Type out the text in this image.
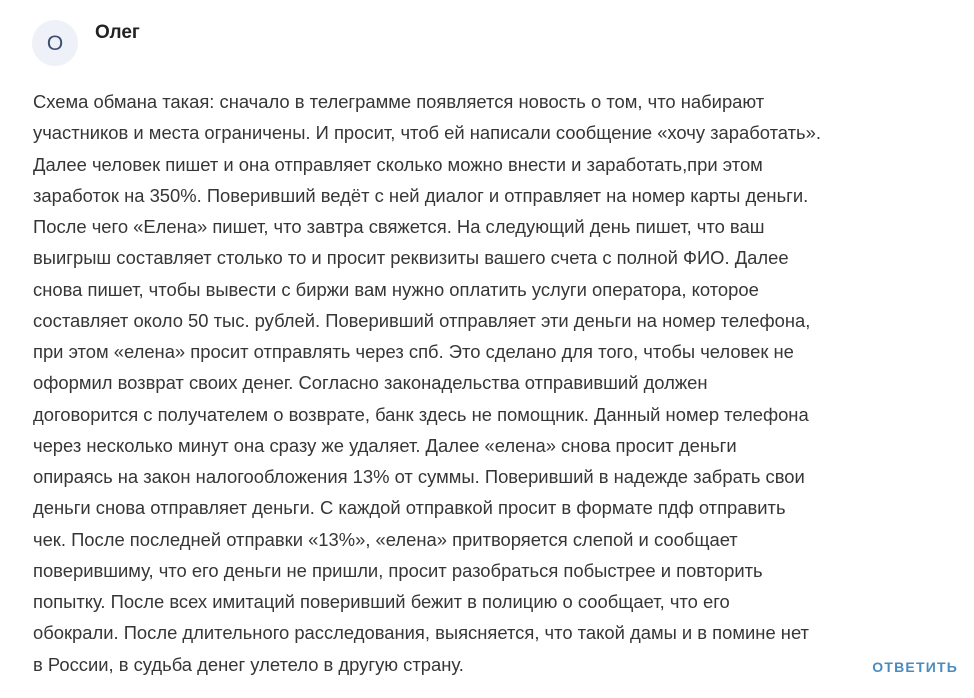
О Олег

Схема обмана такая: сначало в телеграмме появляется новость о том, что набирают
участников и места ограничены. И просит, чтоб ей написали сообщение «хочу заработать».
Далее человек пишет и она отправляет сколько можно внести и заработать,при этом
заработок на 350%. Поверивший ведёт с ней диалог и отправляет на номер карты деньги.
После чего «Елена» пишет, что завтра свяжется. На следующий день пишет, что ваш
выигрыш составляет столько то и просит реквизиты вашего счета с полной ФИО. Далее
снова пишет, чтобы вывести с биржи вам нужно оплатить услуги оператора, которое
составляет около 50 тыс. рублей. Поверивший отправляет эти деньги на номер телефона,
при этом «елена» просит отправлять через спб. Это сделано для того, чтобы человек не
оформил возврат своих денег. Согласно законадельства отправивший должен
договорится с получателем о возврате, банк здесь не помощник. Данный номер телефона
через несколько минут она сразу же удаляет. Далее «елена» снова просит деньги
опираясь на закон налогообложения 13% от суммы. Поверивший в надежде забрать свои
деньги снова отправляет деньги. С каждой отправкой просит в формате пдф отправить
чек. После последней отправки «13%», «елена» притворяется слепой и сообщает
поверившиму, что его деньги не пришли, просит разобраться побыстрее и повторить
попытку. После всех имитаций поверивший бежит в полицию о сообщает, что его
обокрали. После длительного расследования, выясняется, что такой дамы и в помине нет
в России, в судьба денег улетело в другую страну.	ОТВЕТИТЬ
